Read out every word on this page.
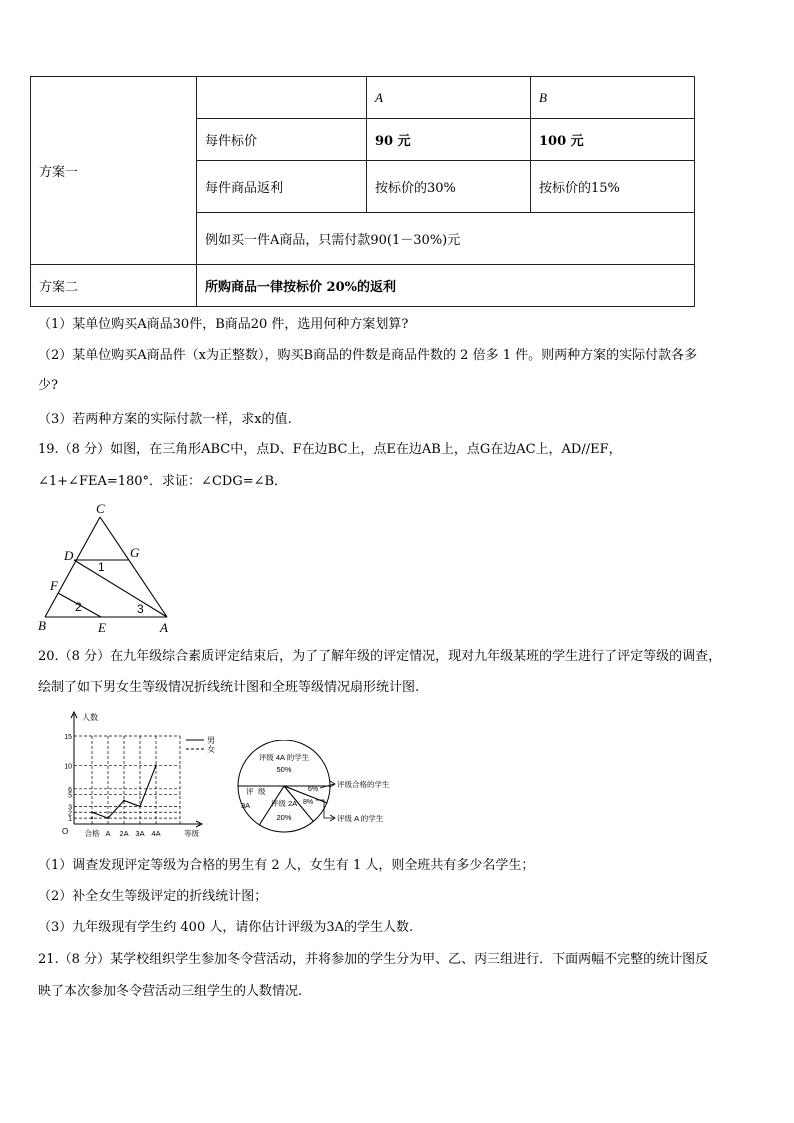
方案一		A	B
	每件标价	90 元	100 元
	每件商品返利	按标价的30%	按标价的15%
	例如买一件A商品，只需付款90(1－30%)元		
方案二	所购商品一律按标价 20%的返利		
（1）某单位购买A商品30件，B商品20 件，选用何种方案划算?
（2）某单位购买A商品件（x为正整数），购买B商品的件数是商品件数的 2 倍多 1 件。则两种方案的实际付款各多
少?
（3）若两种方案的实际付款一样，求x的值.
19.（8 分）如图，在三角形ABC中，点D、F在边BC上，点E在边AB上，点G在边AC上，AD//EF，
∠1+∠FEA=180°．求证：∠CDG=∠B．
C
D	G
F
B	E	A
1
2	3
20.（8 分）在九年级综合素质评定结束后，为了了解年级的评定情况，现对九年级某班的学生进行了评定等级的调查，
绘制了如下男女生等级情况折线统计图和全班等级情况扇形统计图.
1
2
3
5
6
10
15
合格 A 2A 3A 4A
人数
等级
O
男
女
评级 4A 的学生
50%
评 级
3A	评级 2A
20%
6%
8%
评级合格的学生
评级 A 的学生
（1）调查发现评定等级为合格的男生有 2 人，女生有 1 人，则全班共有多少名学生；
（2）补全女生等级评定的折线统计图；
（3）九年级现有学生约 400 人，请你估计评级为3A的学生人数.
21.（8 分）某学校组织学生参加冬令营活动，并将参加的学生分为甲、乙、丙三组进行．下面两幅不完整的统计图反
映了本次参加冬令营活动三组学生的人数情况.
